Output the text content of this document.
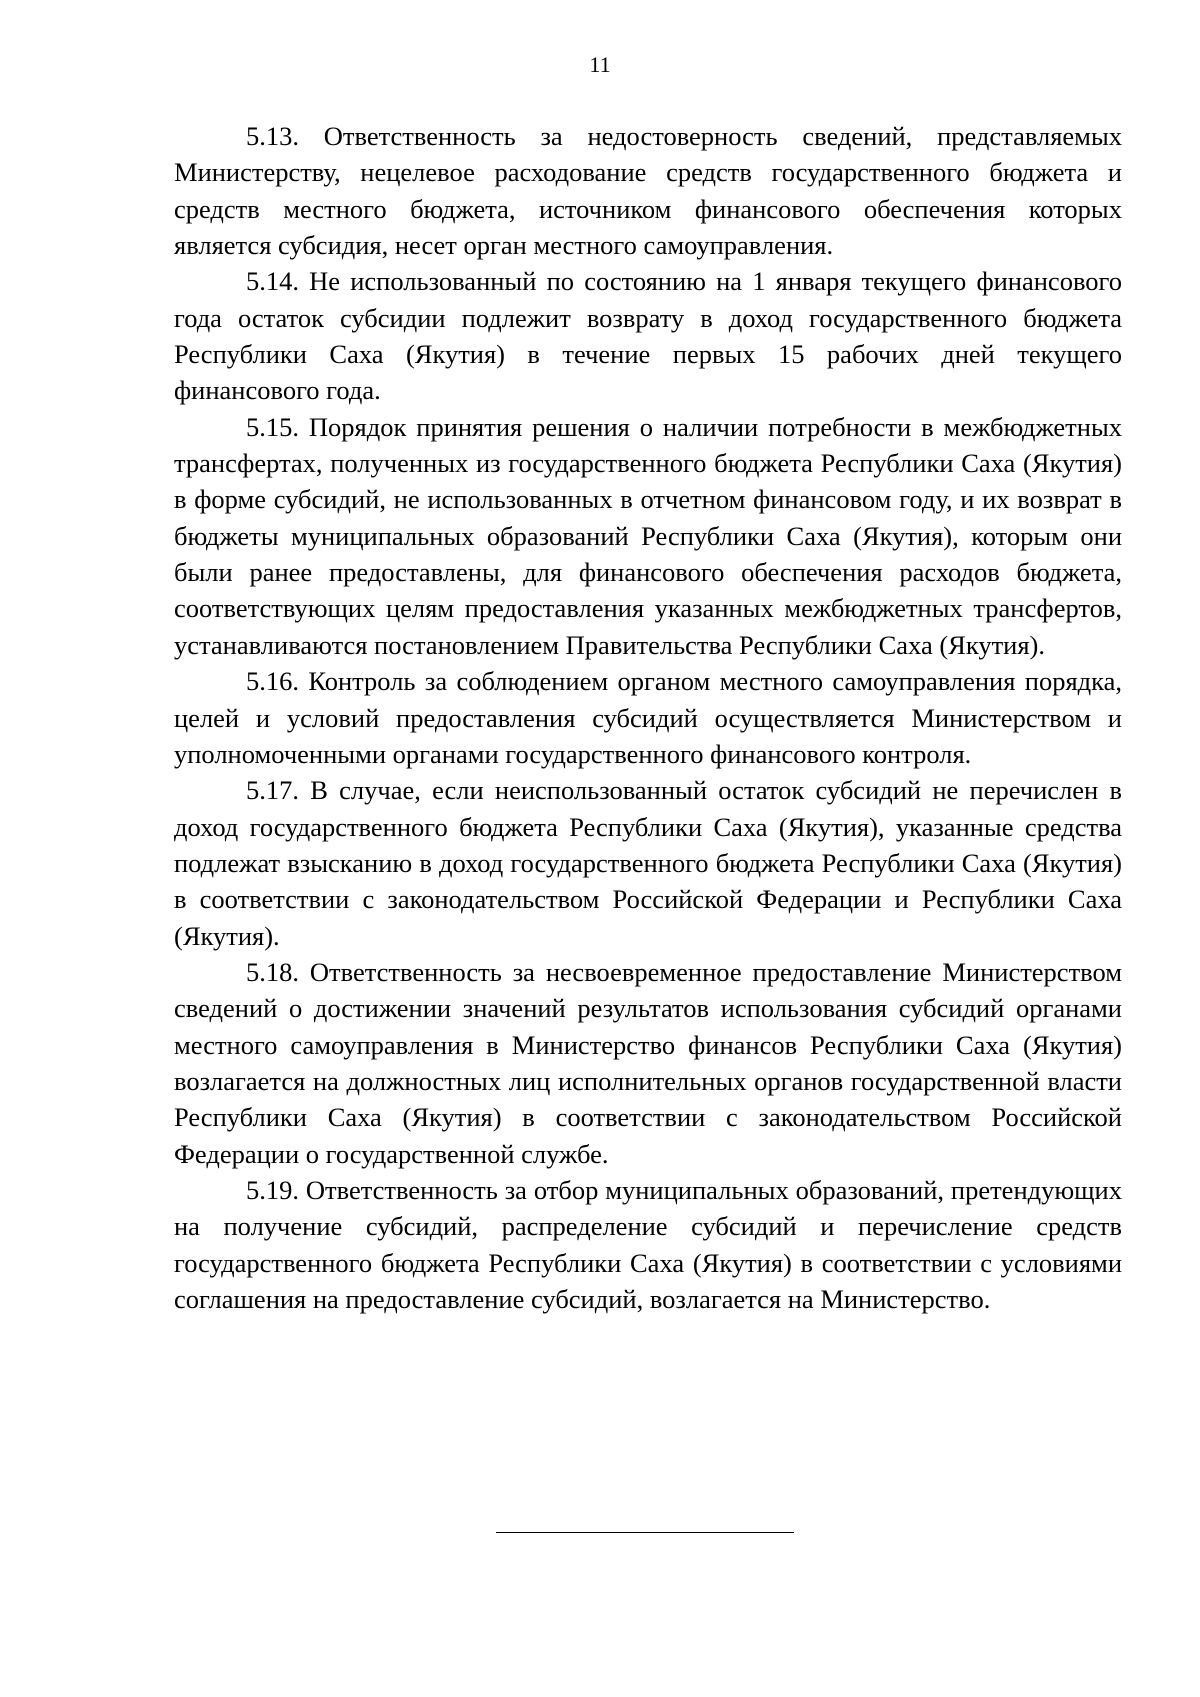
11

5.13. Ответственность за недостоверность сведений, представляемых Министерству, нецелевое расходование средств государственного бюджета и средств местного бюджета, источником финансового обеспечения которых является субсидия, несет орган местного самоуправления.

5.14. Не использованный по состоянию на 1 января текущего финансового года остаток субсидии подлежит возврату в доход государственного бюджета Республики Саха (Якутия) в течение первых 15 рабочих дней текущего финансового года.

5.15. Порядок принятия решения о наличии потребности в межбюджетных трансфертах, полученных из государственного бюджета Республики Саха (Якутия) в форме субсидий, не использованных в отчетном финансовом году, и их возврат в бюджеты муниципальных образований Республики Саха (Якутия), которым они были ранее предоставлены, для финансового обеспечения расходов бюджета, соответствующих целям предоставления указанных межбюджетных трансфертов, устанавливаются постановлением Правительства Республики Саха (Якутия).

5.16. Контроль за соблюдением органом местного самоуправления порядка, целей и условий предоставления субсидий осуществляется Министерством и уполномоченными органами государственного финансового контроля.

5.17. В случае, если неиспользованный остаток субсидий не перечислен в доход государственного бюджета Республики Саха (Якутия), указанные средства подлежат взысканию в доход государственного бюджета Республики Саха (Якутия) в соответствии с законодательством Российской Федерации и Республики Саха (Якутия).

5.18. Ответственность за несвоевременное предоставление Министерством сведений о достижении значений результатов использования субсидий органами местного самоуправления в Министерство финансов Республики Саха (Якутия) возлагается на должностных лиц исполнительных органов государственной власти Республики Саха (Якутия) в соответствии с законодательством Российской Федерации о государственной службе.

5.19. Ответственность за отбор муниципальных образований, претендующих на получение субсидий, распределение субсидий и перечисление средств государственного бюджета Республики Саха (Якутия) в соответствии с условиями соглашения на предоставление субсидий, возлагается на Министерство.
